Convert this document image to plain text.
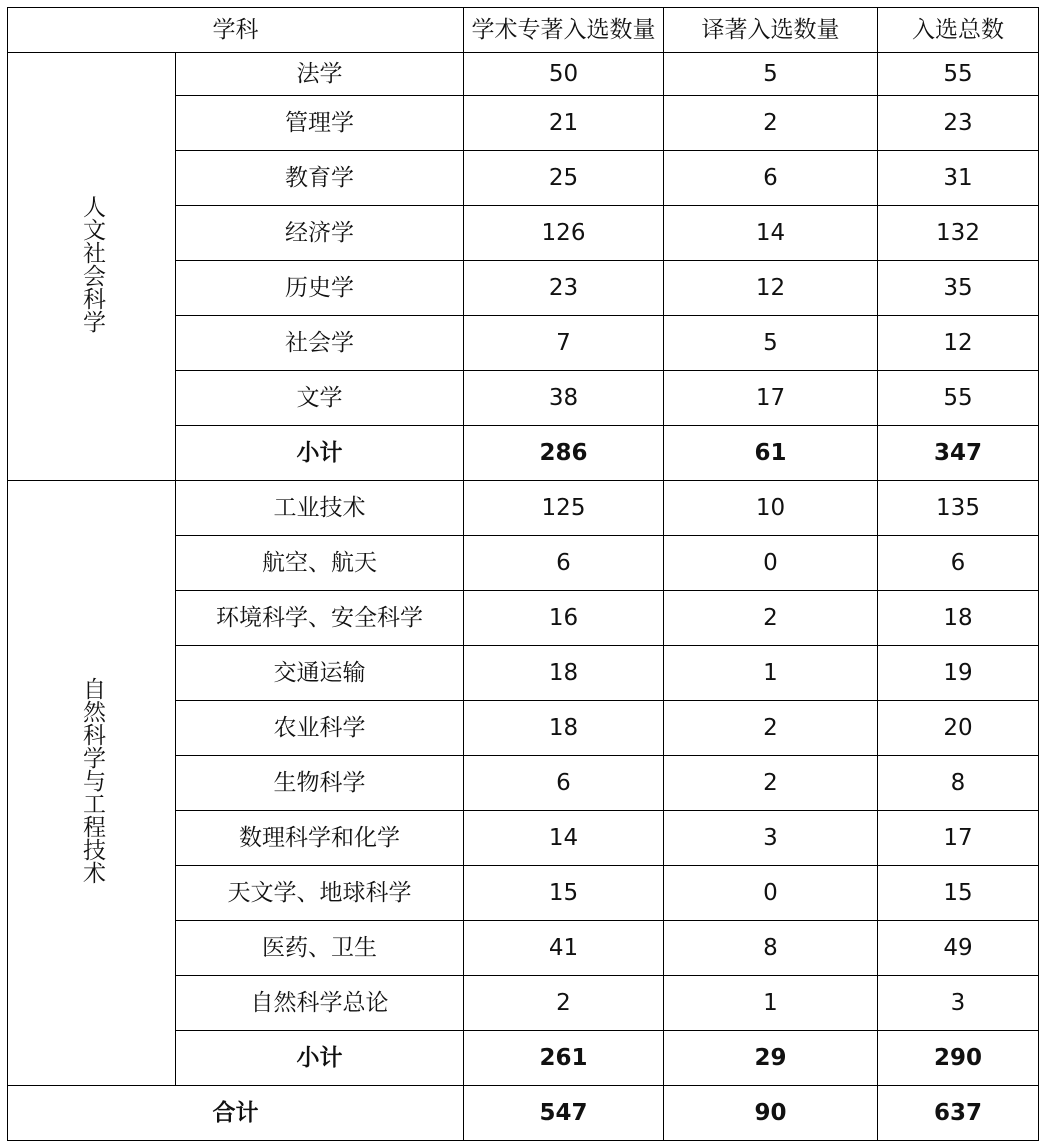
学科		学术专著入选数量	译著入选数量	入选总数
人文社会科学	法学	50	5	55
	管理学	21	2	23
	教育学	25	6	31
	经济学	126	14	132
	历史学	23	12	35
	社会学	7	5	12
	文学	38	17	55
	小计	286	61	347
自然科学与工程技术	工业技术	125	10	135
	航空、航天	6	0	6
	环境科学、安全科学	16	2	18
	交通运输	18	1	19
	农业科学	18	2	20
	生物科学	6	2	8
	数理科学和化学	14	3	17
	天文学、地球科学	15	0	15
	医药、卫生	41	8	49
	自然科学总论	2	1	3
	小计	261	29	290
合计		547	90	637
